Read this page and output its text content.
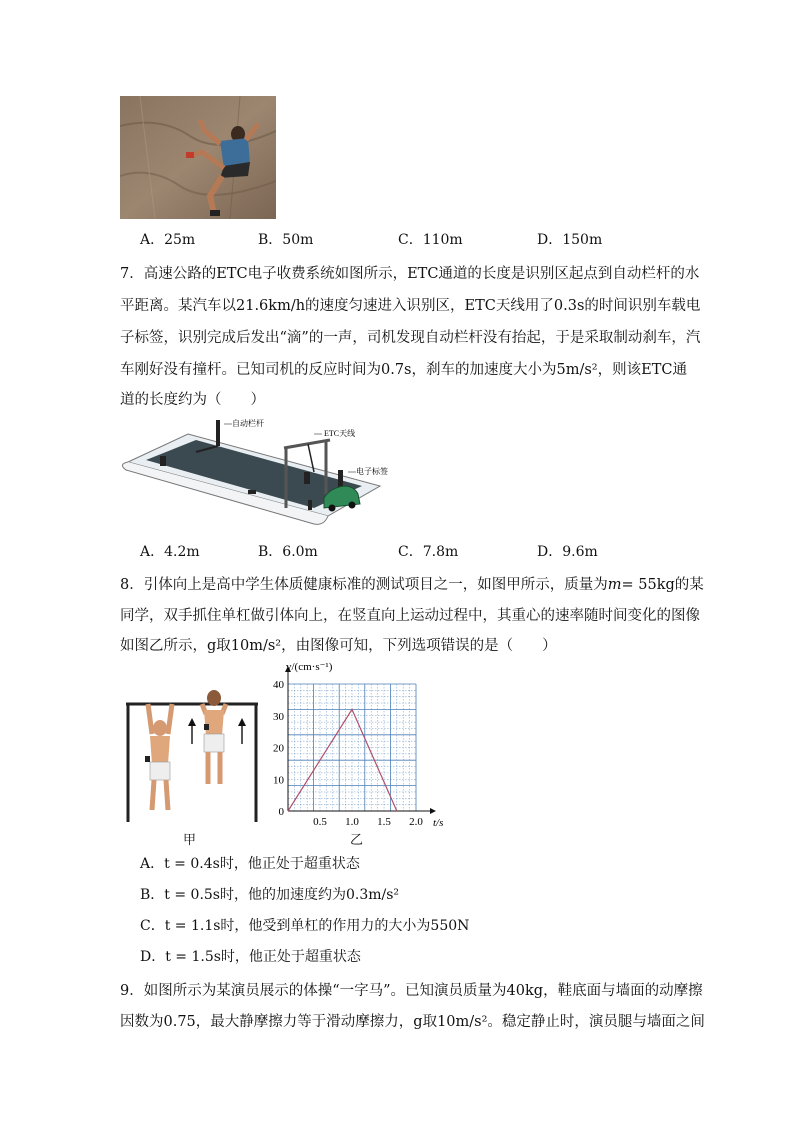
A．25m	B．50m	C．110m	D．150m
7．高速公路的ETC电子收费系统如图所示，ETC通道的长度是识别区起点到自动栏杆的水
平距离。某汽车以21.6km/h的速度匀速进入识别区，ETC天线用了0.3s的时间识别车载电
子标签，识别完成后发出“滴”的一声，司机发现自动栏杆没有抬起，于是采取制动刹车，汽
车刚好没有撞杆。已知司机的反应时间为0.7s，刹车的加速度大小为5m/s²，则该ETC通
道的长度约为（　　）
自动栏杆
ETC天线
电子标签
A．4.2m	B．6.0m	C．7.8m	D．9.6m
8．引体向上是高中学生体质健康标准的测试项目之一，如图甲所示，质量为m= 55kg的某
同学，双手抓住单杠做引体向上，在竖直向上运动过程中，其重心的速率随时间变化的图像
如图乙所示，g取10m/s²，由图像可知，下列选项错误的是（　　）
甲
0.5 1.0 1.5 2.0
0
10
20
30
40
v/(cm·s⁻¹)
t/s
乙
A．t = 0.4s时，他正处于超重状态
B．t = 0.5s时，他的加速度约为0.3m/s²
C．t = 1.1s时，他受到单杠的作用力的大小为550N
D．t = 1.5s时，他正处于超重状态
9．如图所示为某演员展示的体操“一字马”。已知演员质量为40kg，鞋底面与墙面的动摩擦
因数为0.75，最大静摩擦力等于滑动摩擦力，g取10m/s²。稳定静止时，演员腿与墙面之间
